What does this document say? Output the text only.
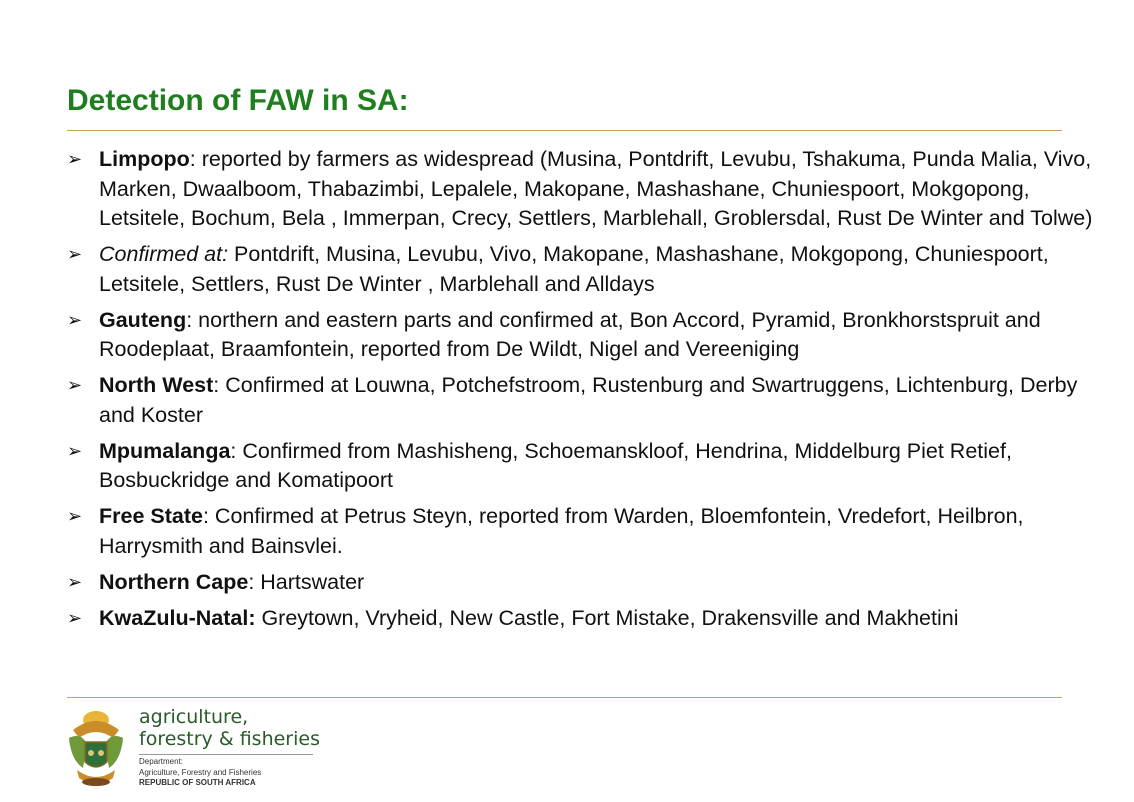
Detection of FAW in SA:
➢ Limpopo: reported by farmers as widespread (Musina, Pontdrift, Levubu, Tshakuma, Punda Malia, Vivo, Marken, Dwaalboom, Thabazimbi, Lepalele, Makopane, Mashashane, Chuniespoort, Mokgopong, Letsitele, Bochum, Bela , Immerpan, Crecy, Settlers, Marblehall, Groblersdal, Rust De Winter and Tolwe)
➢ Confirmed at: Pontdrift, Musina, Levubu, Vivo, Makopane, Mashashane, Mokgopong, Chuniespoort, Letsitele, Settlers, Rust De Winter , Marblehall and Alldays
➢ Gauteng: northern and eastern parts and confirmed at, Bon Accord, Pyramid, Bronkhorstspruit and Roodeplaat, Braamfontein, reported from De Wildt, Nigel and Vereeniging
➢ North West: Confirmed at Louwna, Potchefstroom, Rustenburg and Swartruggens, Lichtenburg, Derby and Koster
➢ Mpumalanga: Confirmed from Mashisheng, Schoemanskloof, Hendrina, Middelburg Piet Retief, Bosbuckridge and Komatipoort
➢ Free State: Confirmed at Petrus Steyn, reported from Warden, Bloemfontein, Vredefort, Heilbron, Harrysmith and Bainsvlei.
➢ Northern Cape: Hartswater
➢ KwaZulu-Natal: Greytown, Vryheid, New Castle, Fort Mistake, Drakensville and Makhetini
agriculture,
forestry & fisheries
Department:
Agriculture, Forestry and Fisheries
REPUBLIC OF SOUTH AFRICA
